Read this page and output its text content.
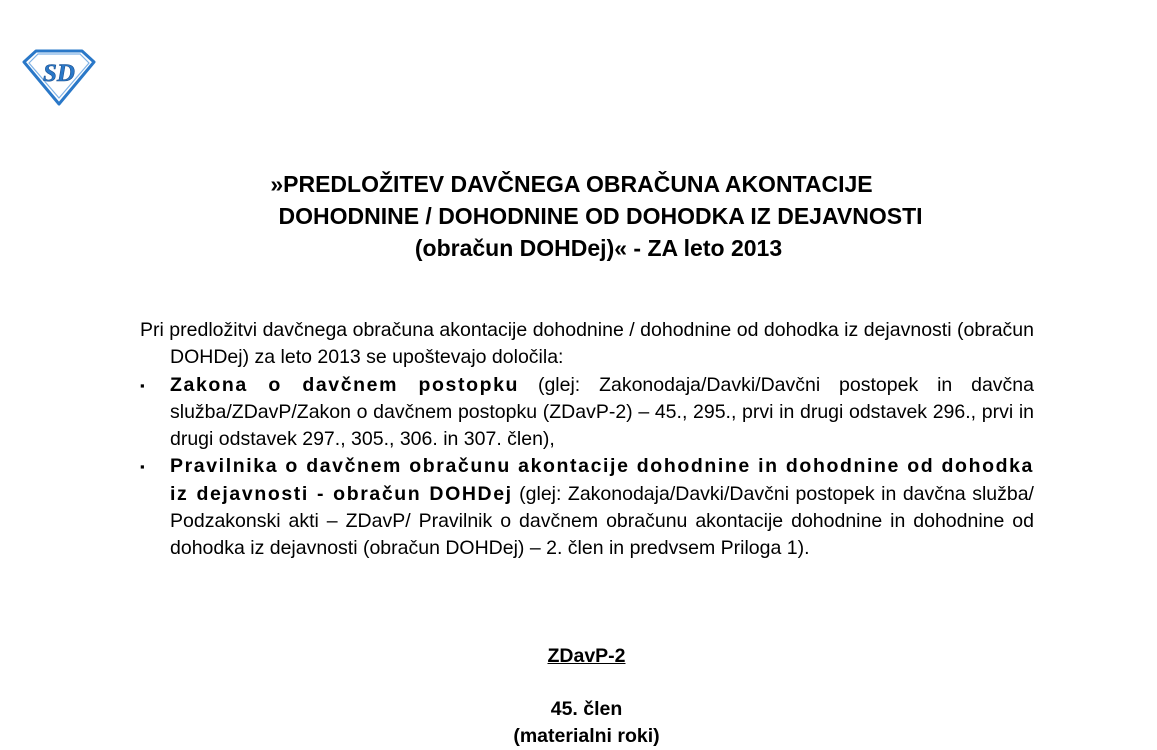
SD
»PREDLOŽITEV DAVČNEGA OBRAČUNA AKONTACIJE
DOHODNINE / DOHODNINE OD DOHODKA IZ DEJAVNOSTI
(obračun DOHDej)« - ZA leto 2013

Pri predložitvi davčnega obračuna akontacije dohodnine / dohodnine od dohodka iz dejavnosti (obračun DOHDej) za leto 2013 se upoštevajo določila:

▪	Zakona o davčnem postopku (glej: Zakonodaja/Davki/Davčni postopek in davčna služba/ZDavP/Zakon o davčnem postopku (ZDavP-2) – 45., 295., prvi in drugi odstavek 296., prvi in drugi odstavek 297., 305., 306. in 307. člen),
▪	Pravilnika o davčnem obračunu akontacije dohodnine in dohodnine od dohodka iz dejavnosti - obračun DOHDej (glej: Zakonodaja/Davki/Davčni postopek in davčna služba/ Podzakonski akti – ZDavP/ Pravilnik o davčnem obračunu akontacije dohodnine in dohodnine od dohodka iz dejavnosti (obračun DOHDej) – 2. člen in predvsem Priloga 1).
ZDavP-2
45. člen
(materialni roki)
